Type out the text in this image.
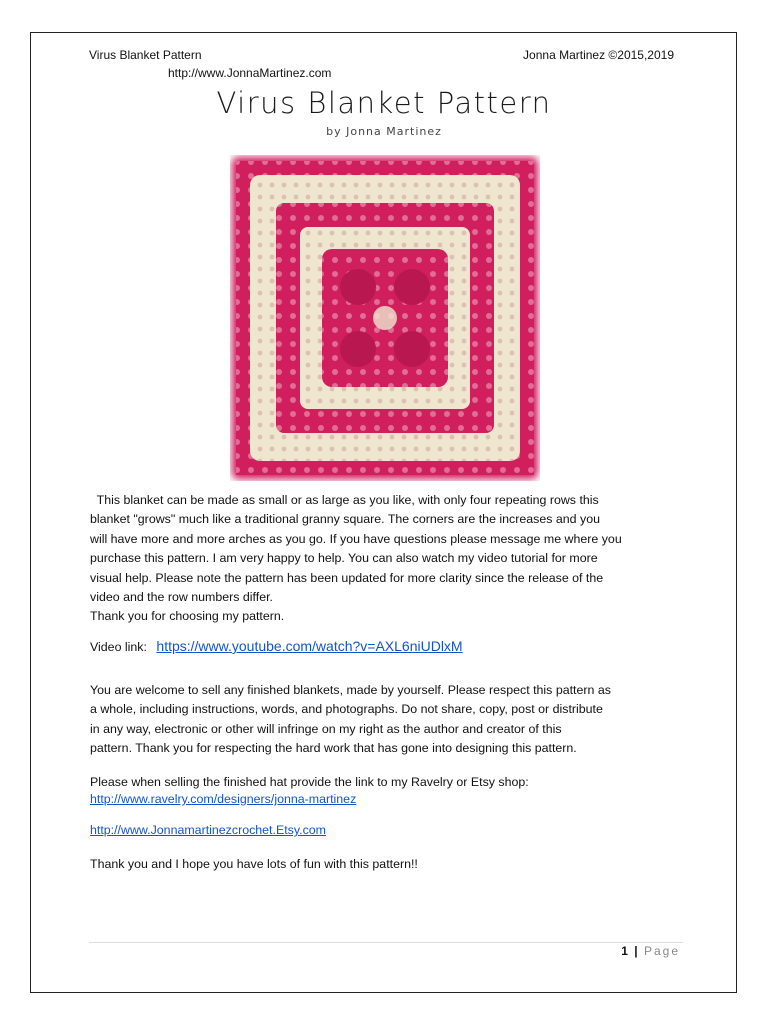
Virus Blanket Pattern
http://www.JonnaMartinez.com
Jonna Martinez ©2015,2019
Virus Blanket Pattern
by Jonna Martinez

This blanket can be made as small or as large as you like, with only four repeating rows this

blanket "grows" much like a traditional granny square. The corners are the increases and you

will have more and more arches as you go. If you have questions please message me where you

purchase this pattern. I am very happy to help. You can also watch my video tutorial for more

visual help. Please note the pattern has been updated for more clarity since the release of the

video and the row numbers differ.

Thank you for choosing my pattern.

Video link: https://www.youtube.com/watch?v=AXL6niUDlxM

You are welcome to sell any finished blankets, made by yourself. Please respect this pattern as

a whole, including instructions, words, and photographs. Do not share, copy, post or distribute

in any way, electronic or other will infringe on my right as the author and creator of this

pattern. Thank you for respecting the hard work that has gone into designing this pattern.

Please when selling the finished hat provide the link to my Ravelry or Etsy shop:
http://www.ravelry.com/designers/jonna-martinez
http://www.Jonnamartinezcrochet.Etsy.com
Thank you and I hope you have lots of fun with this pattern!!
1 | Page
